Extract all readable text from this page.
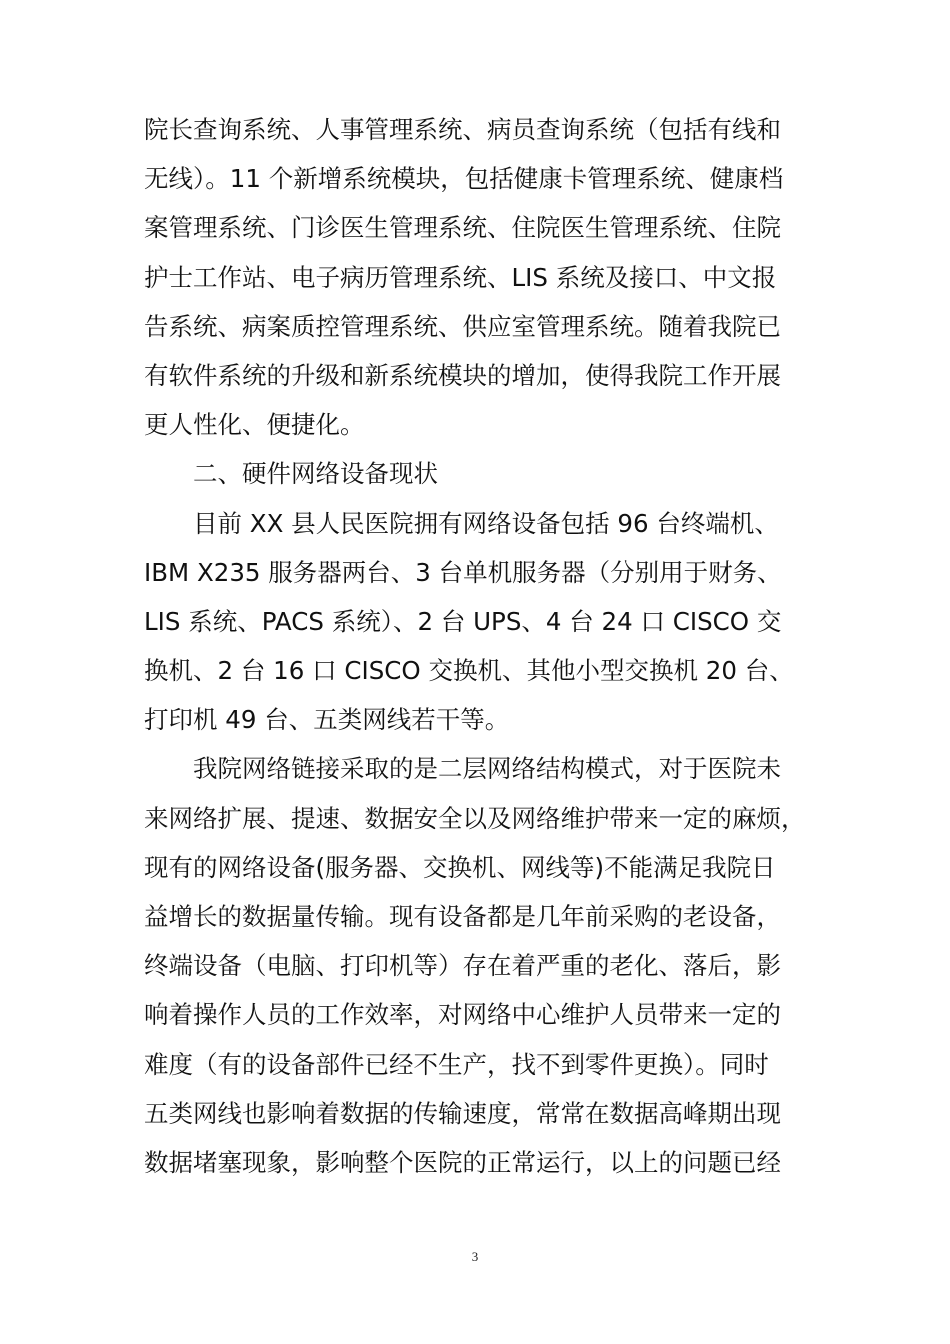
院长查询系统、人事管理系统、病员查询系统（包括有线和
无线）。11 个新增系统模块，包括健康卡管理系统、健康档
案管理系统、门诊医生管理系统、住院医生管理系统、住院
护士工作站、电子病历管理系统、LIS 系统及接口、中文报
告系统、病案质控管理系统、供应室管理系统。随着我院已
有软件系统的升级和新系统模块的增加，使得我院工作开展
更人性化、便捷化。
二、硬件网络设备现状
目前 XX 县人民医院拥有网络设备包括 96 台终端机、
IBM X235 服务器两台、3 台单机服务器（分别用于财务、
LIS 系统、PACS 系统）、2 台 UPS、4 台 24 口 CISCO 交
换机、2 台 16 口 CISCO 交换机、其他小型交换机 20 台、
打印机 49 台、五类网线若干等。
我院网络链接采取的是二层网络结构模式，对于医院未
来网络扩展、提速、数据安全以及网络维护带来一定的麻烦，
现有的网络设备(服务器、交换机、网线等)不能满足我院日
益增长的数据量传输。现有设备都是几年前采购的老设备，
终端设备（电脑、打印机等）存在着严重的老化、落后，影
响着操作人员的工作效率，对网络中心维护人员带来一定的
难度（有的设备部件已经不生产，找不到零件更换）。同时
五类网线也影响着数据的传输速度，常常在数据高峰期出现
数据堵塞现象，影响整个医院的正常运行，以上的问题已经
3
